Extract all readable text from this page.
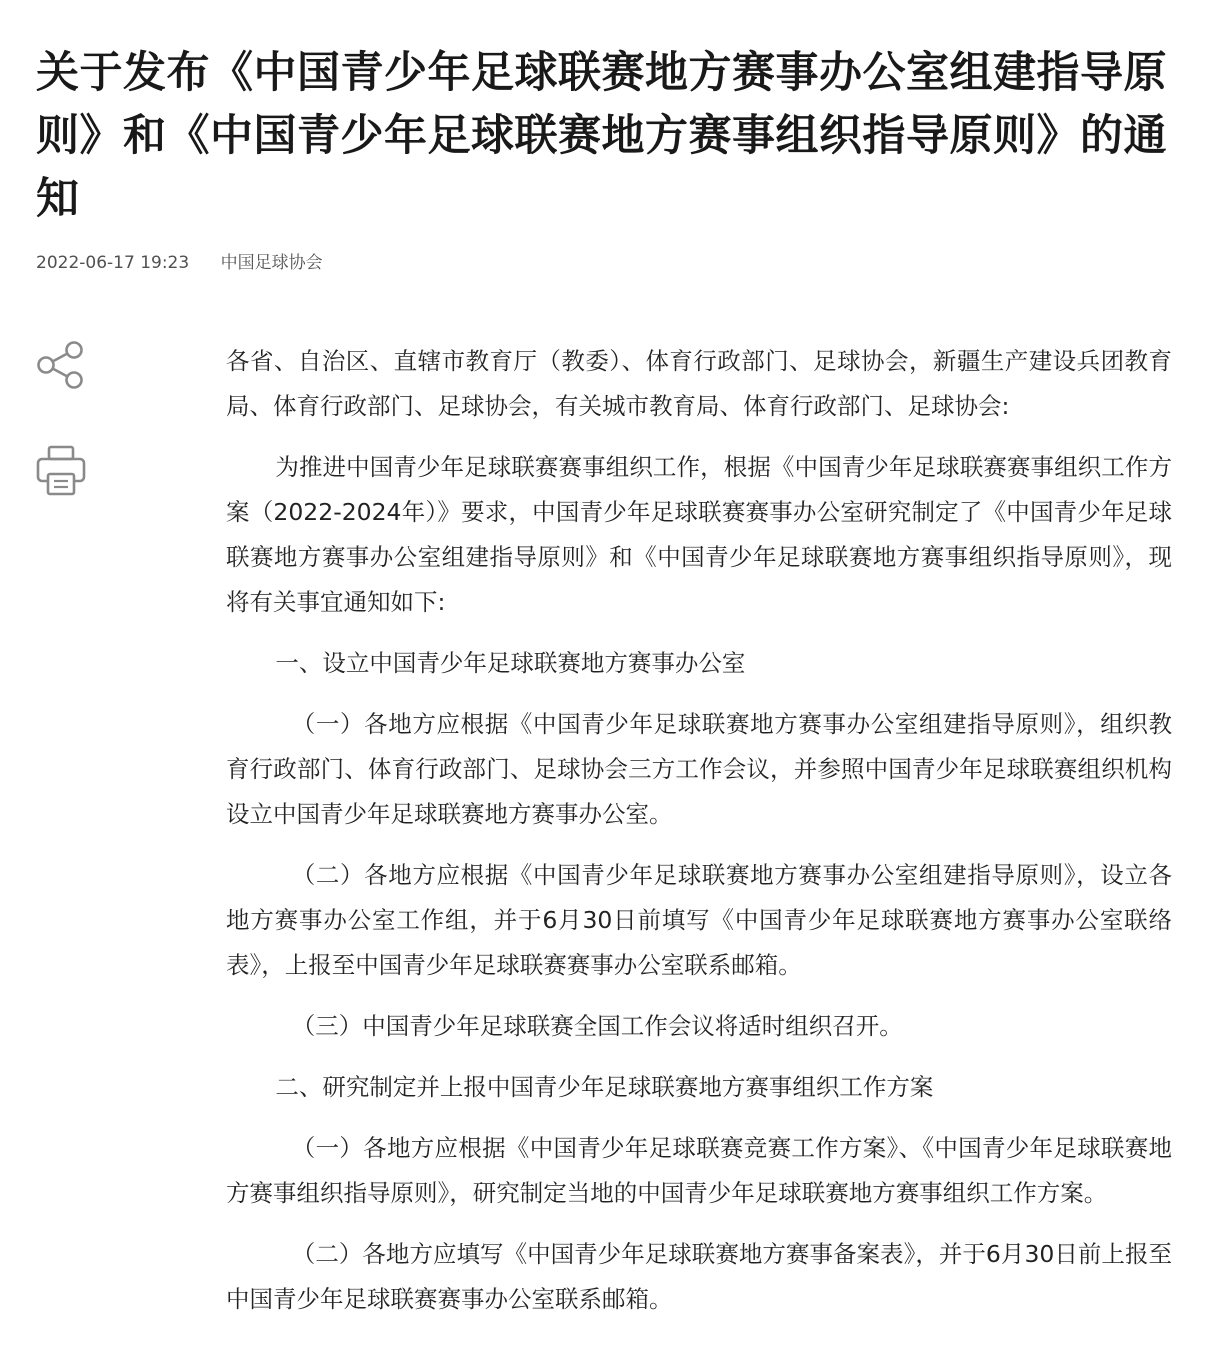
关于发布《中国青少年足球联赛地方赛事办公室组建指导原则》和《中国青少年足球联赛地方赛事组织指导原则》的通知
2022-06-17 19:23 中国足球协会

各省、自治区、直辖市教育厅（教委）、体育行政部门、足球协会，新疆生产建设兵团教育局、体育行政部门、足球协会，有关城市教育局、体育行政部门、足球协会:

为推进中国青少年足球联赛赛事组织工作，根据《中国青少年足球联赛赛事组织工作方案（2022-2024年）》要求，中国青少年足球联赛赛事办公室研究制定了《中国青少年足球联赛地方赛事办公室组建指导原则》和《中国青少年足球联赛地方赛事组织指导原则》，现将有关事宜通知如下:

一、设立中国青少年足球联赛地方赛事办公室

（一）各地方应根据《中国青少年足球联赛地方赛事办公室组建指导原则》，组织教育行政部门、体育行政部门、足球协会三方工作会议，并参照中国青少年足球联赛组织机构设立中国青少年足球联赛地方赛事办公室。

（二）各地方应根据《中国青少年足球联赛地方赛事办公室组建指导原则》，设立各地方赛事办公室工作组，并于6月30日前填写《中国青少年足球联赛地方赛事办公室联络表》，上报至中国青少年足球联赛赛事办公室联系邮箱。

（三）中国青少年足球联赛全国工作会议将适时组织召开。

二、研究制定并上报中国青少年足球联赛地方赛事组织工作方案

（一）各地方应根据《中国青少年足球联赛竞赛工作方案》、《中国青少年足球联赛地方赛事组织指导原则》，研究制定当地的中国青少年足球联赛地方赛事组织工作方案。

（二）各地方应填写《中国青少年足球联赛地方赛事备案表》，并于6月30日前上报至中国青少年足球联赛赛事办公室联系邮箱。
